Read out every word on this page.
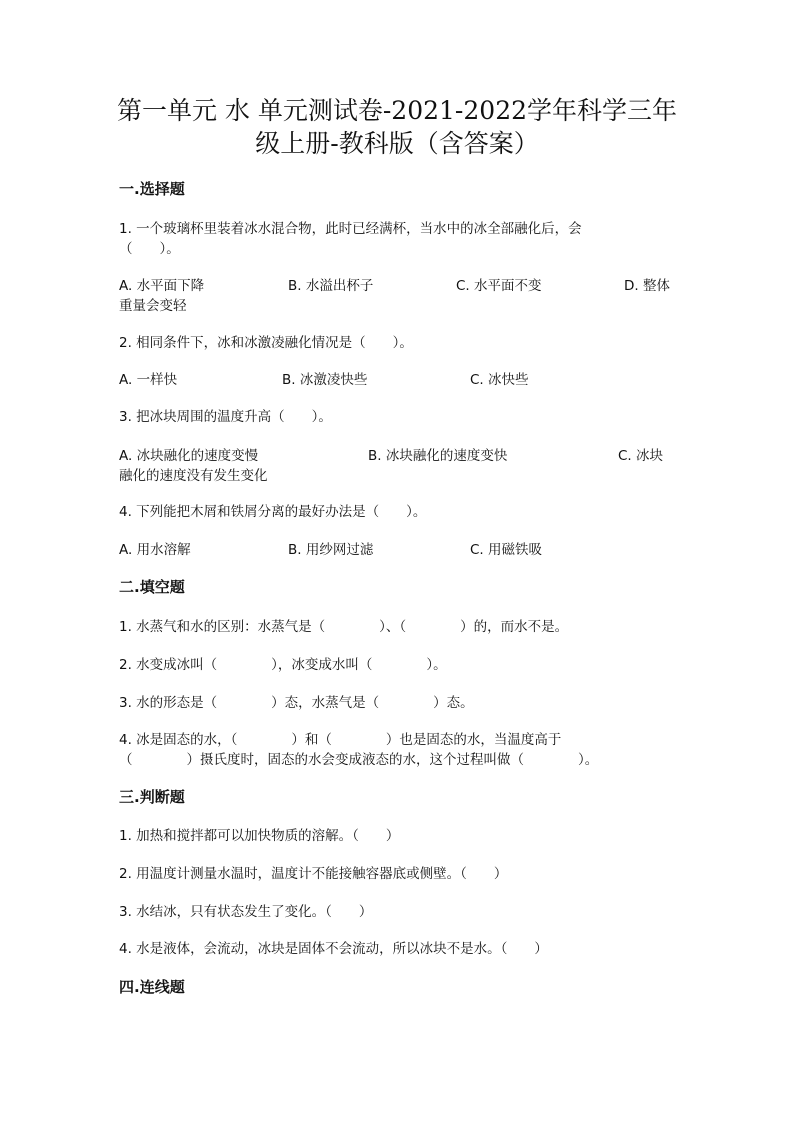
第一单元 水 单元测试卷-2021-2022学年科学三年
级上册-教科版（含答案）
一.选择题
1. 一个玻璃杯里装着冰水混合物，此时已经满杯，当水中的冰全部融化后，会
（　　）。
A. 水平面下降	B. 水溢出杯子	C. 水平面不变	D. 整体
重量会变轻
2. 相同条件下，冰和冰激凌融化情况是（　　）。
A. 一样快	B. 冰激凌快些	C. 冰快些
3. 把冰块周围的温度升高（　　）。
A. 冰块融化的速度变慢	B. 冰块融化的速度变快	C. 冰块
融化的速度没有发生变化
4. 下列能把木屑和铁屑分离的最好办法是（　　）。
A. 用水溶解	B. 用纱网过滤	C. 用磁铁吸
二.填空题
1. 水蒸气和水的区别：水蒸气是（　　　　）、（　　　　）的，而水不是。
2. 水变成冰叫（　　　　），冰变成水叫（　　　　）。
3. 水的形态是（　　　　）态，水蒸气是（　　　　）态。
4. 冰是固态的水，（　　　　）和（　　　　）也是固态的水，当温度高于
（　　　　）摄氏度时，固态的水会变成液态的水，这个过程叫做（　　　　）。
三.判断题
1. 加热和搅拌都可以加快物质的溶解。（　　）
2. 用温度计测量水温时，温度计不能接触容器底或侧壁。（　　）
3. 水结冰，只有状态发生了变化。（　　）
4. 水是液体，会流动，冰块是固体不会流动，所以冰块不是水。（　　）
四.连线题
